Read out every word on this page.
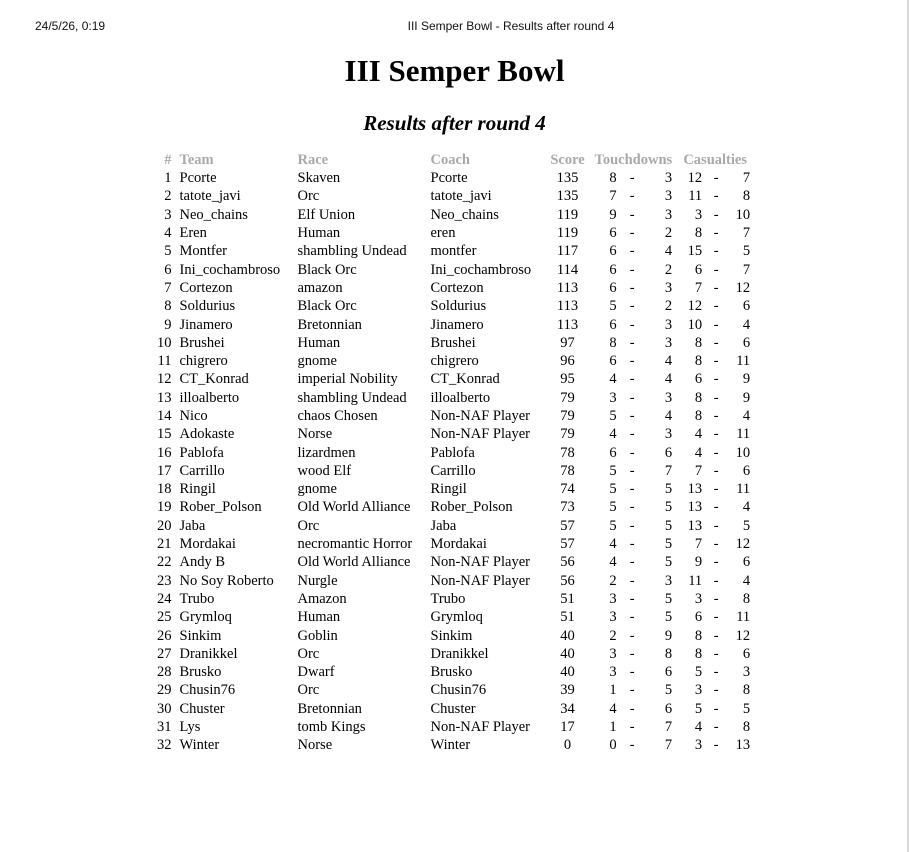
24/5/26, 0:19	III Semper Bowl - Results after round 4
III Semper Bowl
Results after round 4
#	Team	Race	Coach	Score	Touchdowns			Casualties		
1	Pcorte	Skaven	Pcorte	135	8	-	3	12	-	7
2	tatote_javi	Orc	tatote_javi	135	7	-	3	11	-	8
3	Neo_chains	Elf Union	Neo_chains	119	9	-	3	3	-	10
4	Eren	Human	eren	119	6	-	2	8	-	7
5	Montfer	shambling Undead	montfer	117	6	-	4	15	-	5
6	Ini_cochambroso	Black Orc	Ini_cochambroso	114	6	-	2	6	-	7
7	Cortezon	amazon	Cortezon	113	6	-	3	7	-	12
8	Soldurius	Black Orc	Soldurius	113	5	-	2	12	-	6
9	Jinamero	Bretonnian	Jinamero	113	6	-	3	10	-	4
10	Brushei	Human	Brushei	97	8	-	3	8	-	6
11	chigrero	gnome	chigrero	96	6	-	4	8	-	11
12	CT_Konrad	imperial Nobility	CT_Konrad	95	4	-	4	6	-	9
13	illoalberto	shambling Undead	illoalberto	79	3	-	3	8	-	9
14	Nico	chaos Chosen	Non-NAF Player	79	5	-	4	8	-	4
15	Adokaste	Norse	Non-NAF Player	79	4	-	3	4	-	11
16	Pablofa	lizardmen	Pablofa	78	6	-	6	4	-	10
17	Carrillo	wood Elf	Carrillo	78	5	-	7	7	-	6
18	Ringil	gnome	Ringil	74	5	-	5	13	-	11
19	Rober_Polson	Old World Alliance	Rober_Polson	73	5	-	5	13	-	4
20	Jaba	Orc	Jaba	57	5	-	5	13	-	5
21	Mordakai	necromantic Horror	Mordakai	57	4	-	5	7	-	12
22	Andy B	Old World Alliance	Non-NAF Player	56	4	-	5	9	-	6
23	No Soy Roberto	Nurgle	Non-NAF Player	56	2	-	3	11	-	4
24	Trubo	Amazon	Trubo	51	3	-	5	3	-	8
25	Grymloq	Human	Grymloq	51	3	-	5	6	-	11
26	Sinkim	Goblin	Sinkim	40	2	-	9	8	-	12
27	Dranikkel	Orc	Dranikkel	40	3	-	8	8	-	6
28	Brusko	Dwarf	Brusko	40	3	-	6	5	-	3
29	Chusin76	Orc	Chusin76	39	1	-	5	3	-	8
30	Chuster	Bretonnian	Chuster	34	4	-	6	5	-	5
31	Lys	tomb Kings	Non-NAF Player	17	1	-	7	4	-	8
32	Winter	Norse	Winter	0	0	-	7	3	-	13
